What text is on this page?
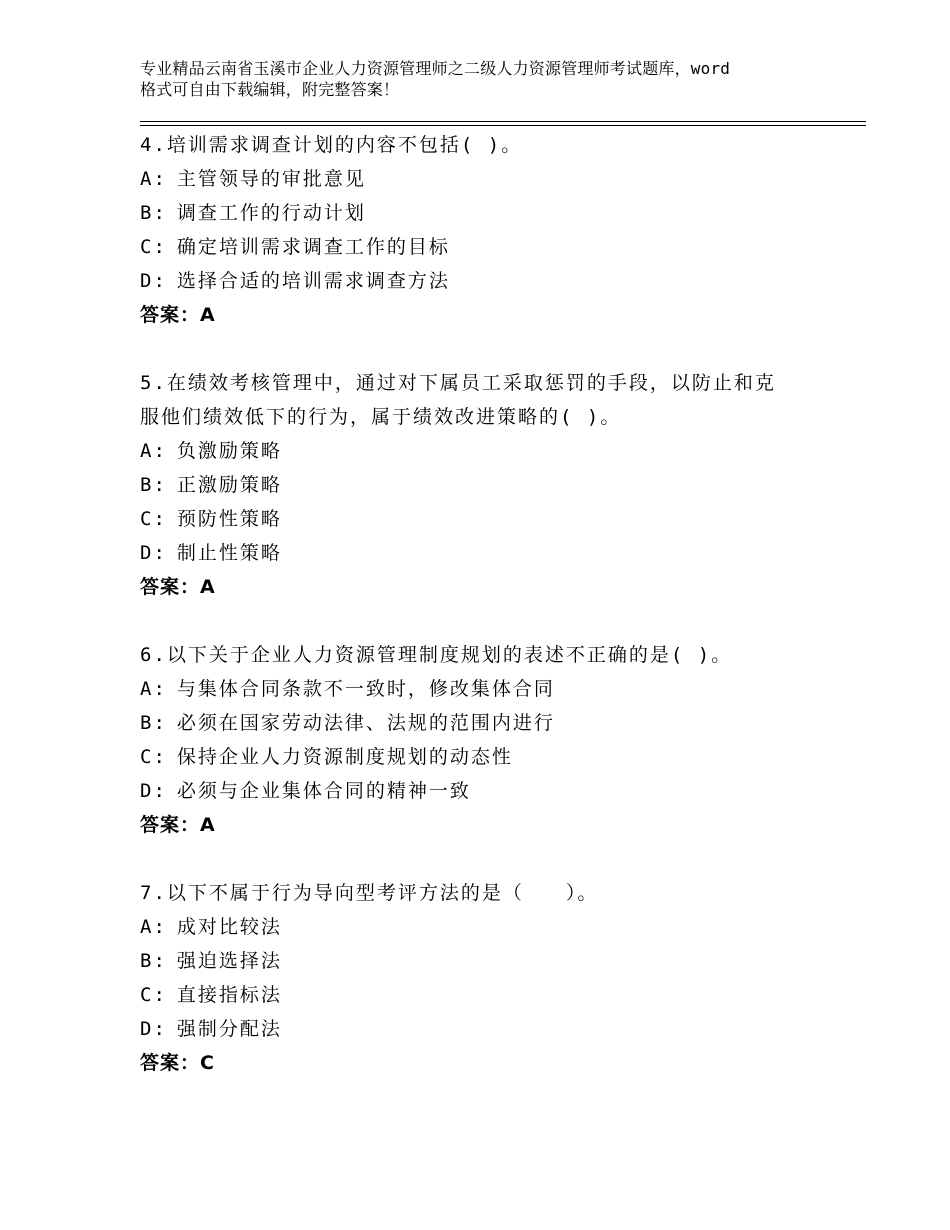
专业精品云南省玉溪市企业人力资源管理师之二级人力资源管理师考试题库，word
格式可自由下载编辑，附完整答案！

4.培训需求调查计划的内容不包括( )。

A: 主管领导的审批意见

B: 调查工作的行动计划

C: 确定培训需求调查工作的目标

D: 选择合适的培训需求调查方法

答案：A

5.在绩效考核管理中，通过对下属员工采取惩罚的手段，以防止和克

服他们绩效低下的行为，属于绩效改进策略的( )。

A: 负激励策略

B: 正激励策略

C: 预防性策略

D: 制止性策略

答案：A

6.以下关于企业人力资源管理制度规划的表述不正确的是( )。

A: 与集体合同条款不一致时，修改集体合同

B: 必须在国家劳动法律、法规的范围内进行

C: 保持企业人力资源制度规划的动态性

D: 必须与企业集体合同的精神一致

答案：A

7.以下不属于行为导向型考评方法的是（　　）。

A: 成对比较法

B: 强迫选择法

C: 直接指标法

D: 强制分配法

答案：C
